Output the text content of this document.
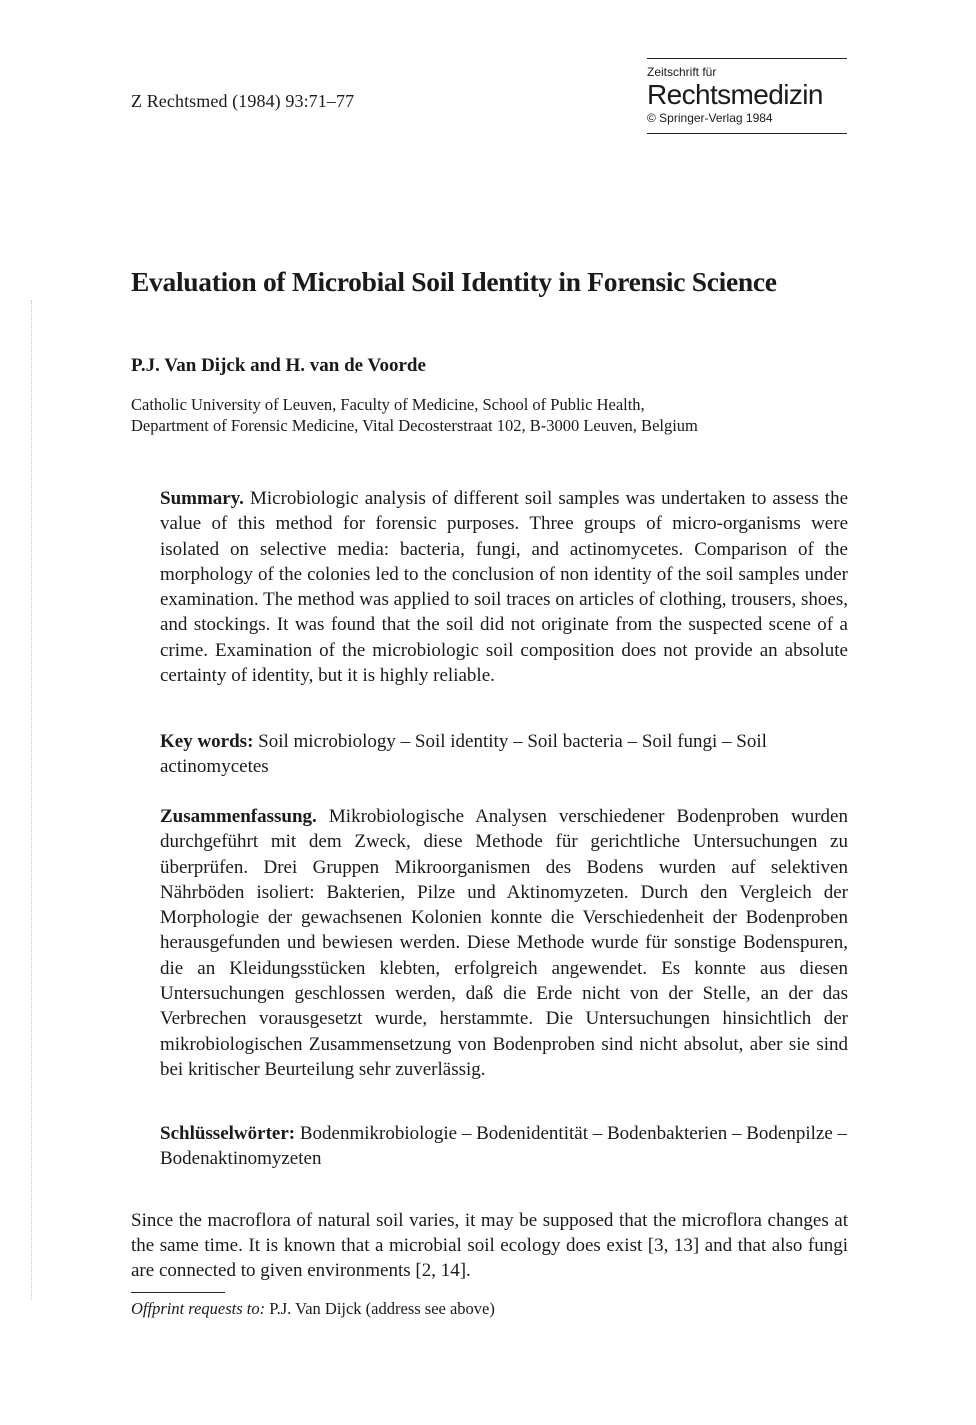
Z Rechtsmed (1984) 93:71–77
Zeitschrift für
Rechtsmedizin
© Springer-Verlag 1984
Evaluation of Microbial Soil Identity in Forensic Science
P.J. Van Dijck and H. van de Voorde
Catholic University of Leuven, Faculty of Medicine, School of Public Health,
Department of Forensic Medicine, Vital Decosterstraat 102, B-3000 Leuven, Belgium

Summary. Microbiologic analysis of different soil samples was undertaken to assess the value of this method for forensic purposes. Three groups of micro-organisms were isolated on selective media: bacteria, fungi, and actinomycetes. Comparison of the morphology of the colonies led to the conclusion of non identity of the soil samples under examination. The method was applied to soil traces on articles of clothing, trousers, shoes, and stockings. It was found that the soil did not originate from the suspected scene of a crime. Examination of the microbiologic soil composition does not provide an absolute certainty of identity, but it is highly reliable.

Key words: Soil microbiology – Soil identity – Soil bacteria – Soil fungi – Soil actinomycetes

Zusammenfassung. Mikrobiologische Analysen verschiedener Bodenproben wurden durchgeführt mit dem Zweck, diese Methode für gerichtliche Untersuchungen zu überprüfen. Drei Gruppen Mikroorganismen des Bodens wurden auf selektiven Nährböden isoliert: Bakterien, Pilze und Aktinomyzeten. Durch den Vergleich der Morphologie der gewachsenen Kolonien konnte die Verschiedenheit der Bodenproben herausgefunden und bewiesen werden. Diese Methode wurde für sonstige Bodenspuren, die an Kleidungsstücken klebten, erfolgreich angewendet. Es konnte aus diesen Untersuchungen geschlossen werden, daß die Erde nicht von der Stelle, an der das Verbrechen vorausgesetzt wurde, herstammte. Die Untersuchungen hinsichtlich der mikrobiologischen Zusammensetzung von Bodenproben sind nicht absolut, aber sie sind bei kritischer Beurteilung sehr zuverlässig.

Schlüsselwörter: Bodenmikrobiologie – Bodenidentität – Bodenbakterien – Bodenpilze – Bodenaktinomyzeten

Since the macroflora of natural soil varies, it may be supposed that the microflora changes at the same time. It is known that a microbial soil ecology does exist [3, 13] and that also fungi are connected to given environments [2, 14].

Offprint requests to: P.J. Van Dijck (address see above)
